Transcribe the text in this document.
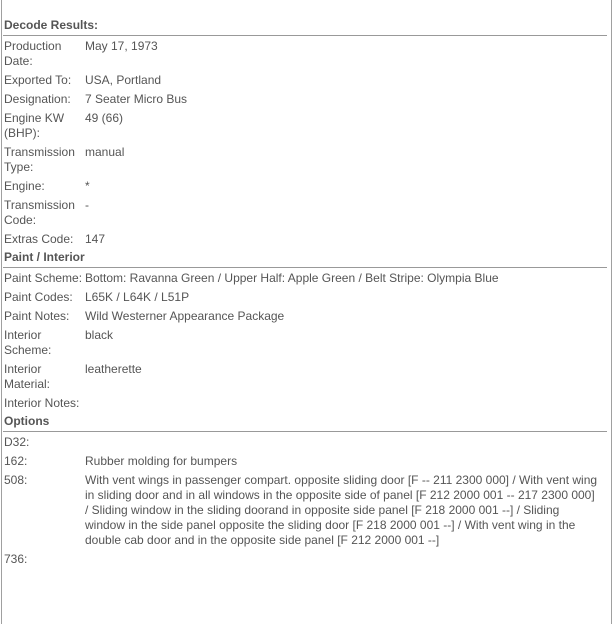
Decode Results:
Production Date:	May 17, 1973
Exported To:	USA, Portland
Designation:	7 Seater Micro Bus
Engine KW (BHP):	49 (66)
Transmission Type:	manual
Engine:	*
Transmission Code:	-
Extras Code:	147
Paint / Interior
Paint Scheme:	Bottom: Ravanna Green / Upper Half: Apple Green / Belt Stripe: Olympia Blue
Paint Codes:	L65K / L64K / L51P
Paint Notes:	Wild Westerner Appearance Package
Interior Scheme:	black
Interior Material:	leatherette
Interior Notes:	
Options
D32:	
162:	Rubber molding for bumpers
508:	With vent wings in passenger compart. opposite sliding door [F -- 211 2300 000] / With vent wing in sliding door and in all windows in the opposite side of panel [F 212 2000 001 -- 217 2300 000] / Sliding window in the sliding doorand in opposite side panel [F 218 2000 001 --] / Sliding window in the side panel opposite the sliding door [F 218 2000 001 --] / With vent wing in the double cab door and in the opposite side panel [F 212 2000 001 --]
736:	
